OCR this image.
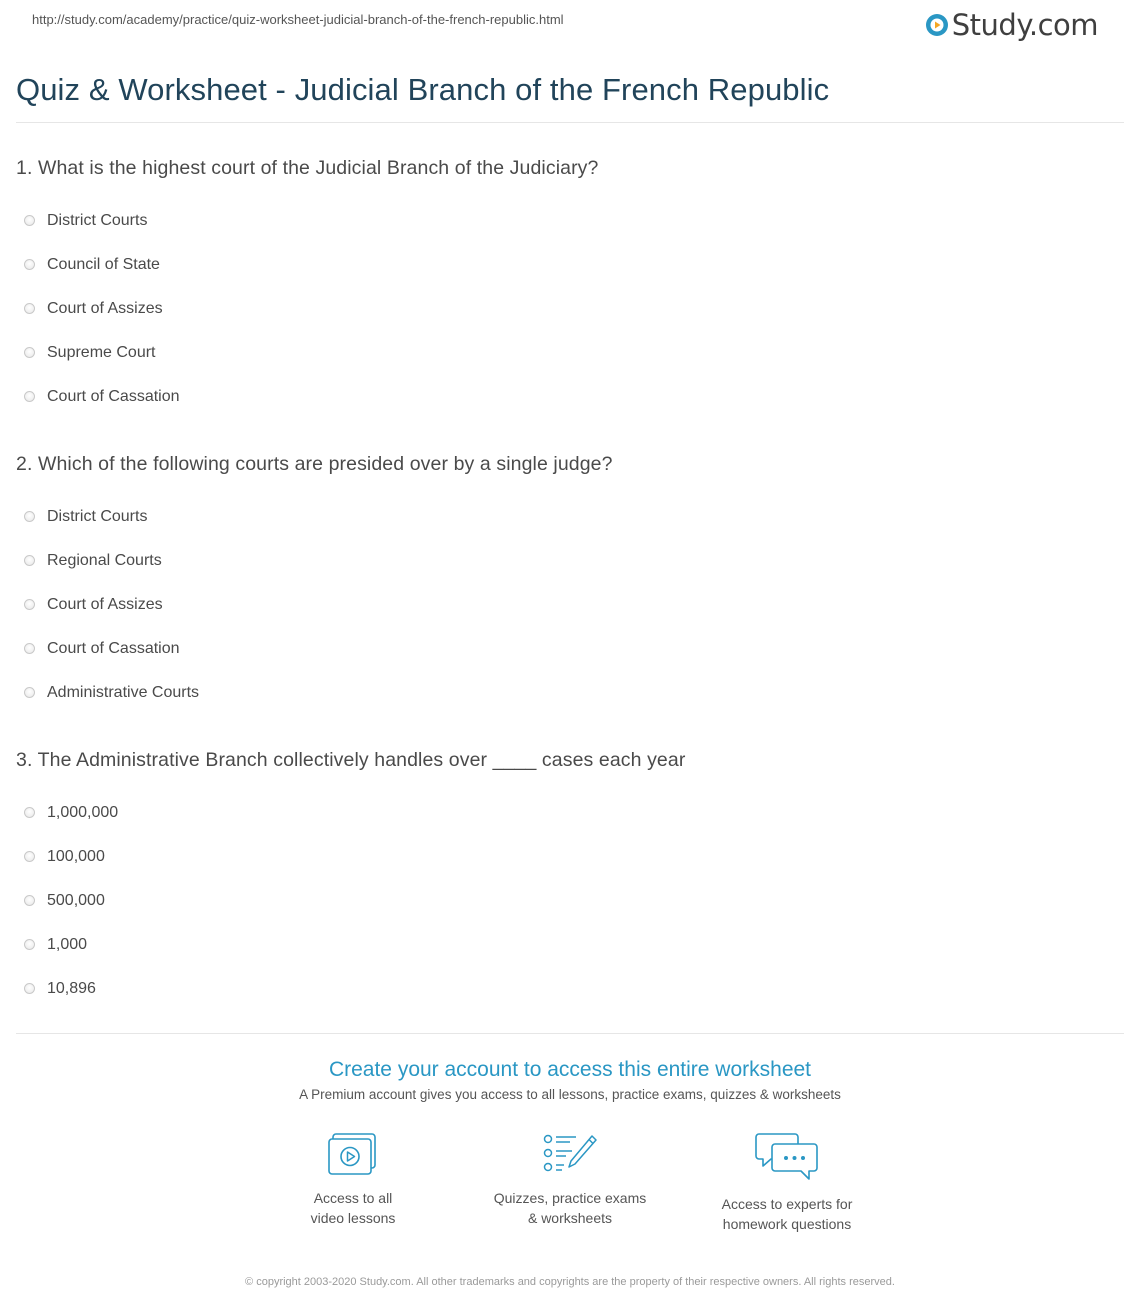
http://study.com/academy/practice/quiz-worksheet-judicial-branch-of-the-french-republic.html	Study.com
Quiz & Worksheet - Judicial Branch of the French Republic
1. What is the highest court of the Judicial Branch of the Judiciary?
District Courts
Council of State
Court of Assizes
Supreme Court
Court of Cassation
2. Which of the following courts are presided over by a single judge?
District Courts
Regional Courts
Court of Assizes
Court of Cassation
Administrative Courts
3. The Administrative Branch collectively handles over ____ cases each year
1,000,000
100,000
500,000
1,000
10,896
Create your account to access this entire worksheet
A Premium account gives you access to all lessons, practice exams, quizzes & worksheets
Access to all
video lessons
Quizzes, practice exams
& worksheets
Access to experts for
homework questions
© copyright 2003-2020 Study.com. All other trademarks and copyrights are the property of their respective owners. All rights reserved.
